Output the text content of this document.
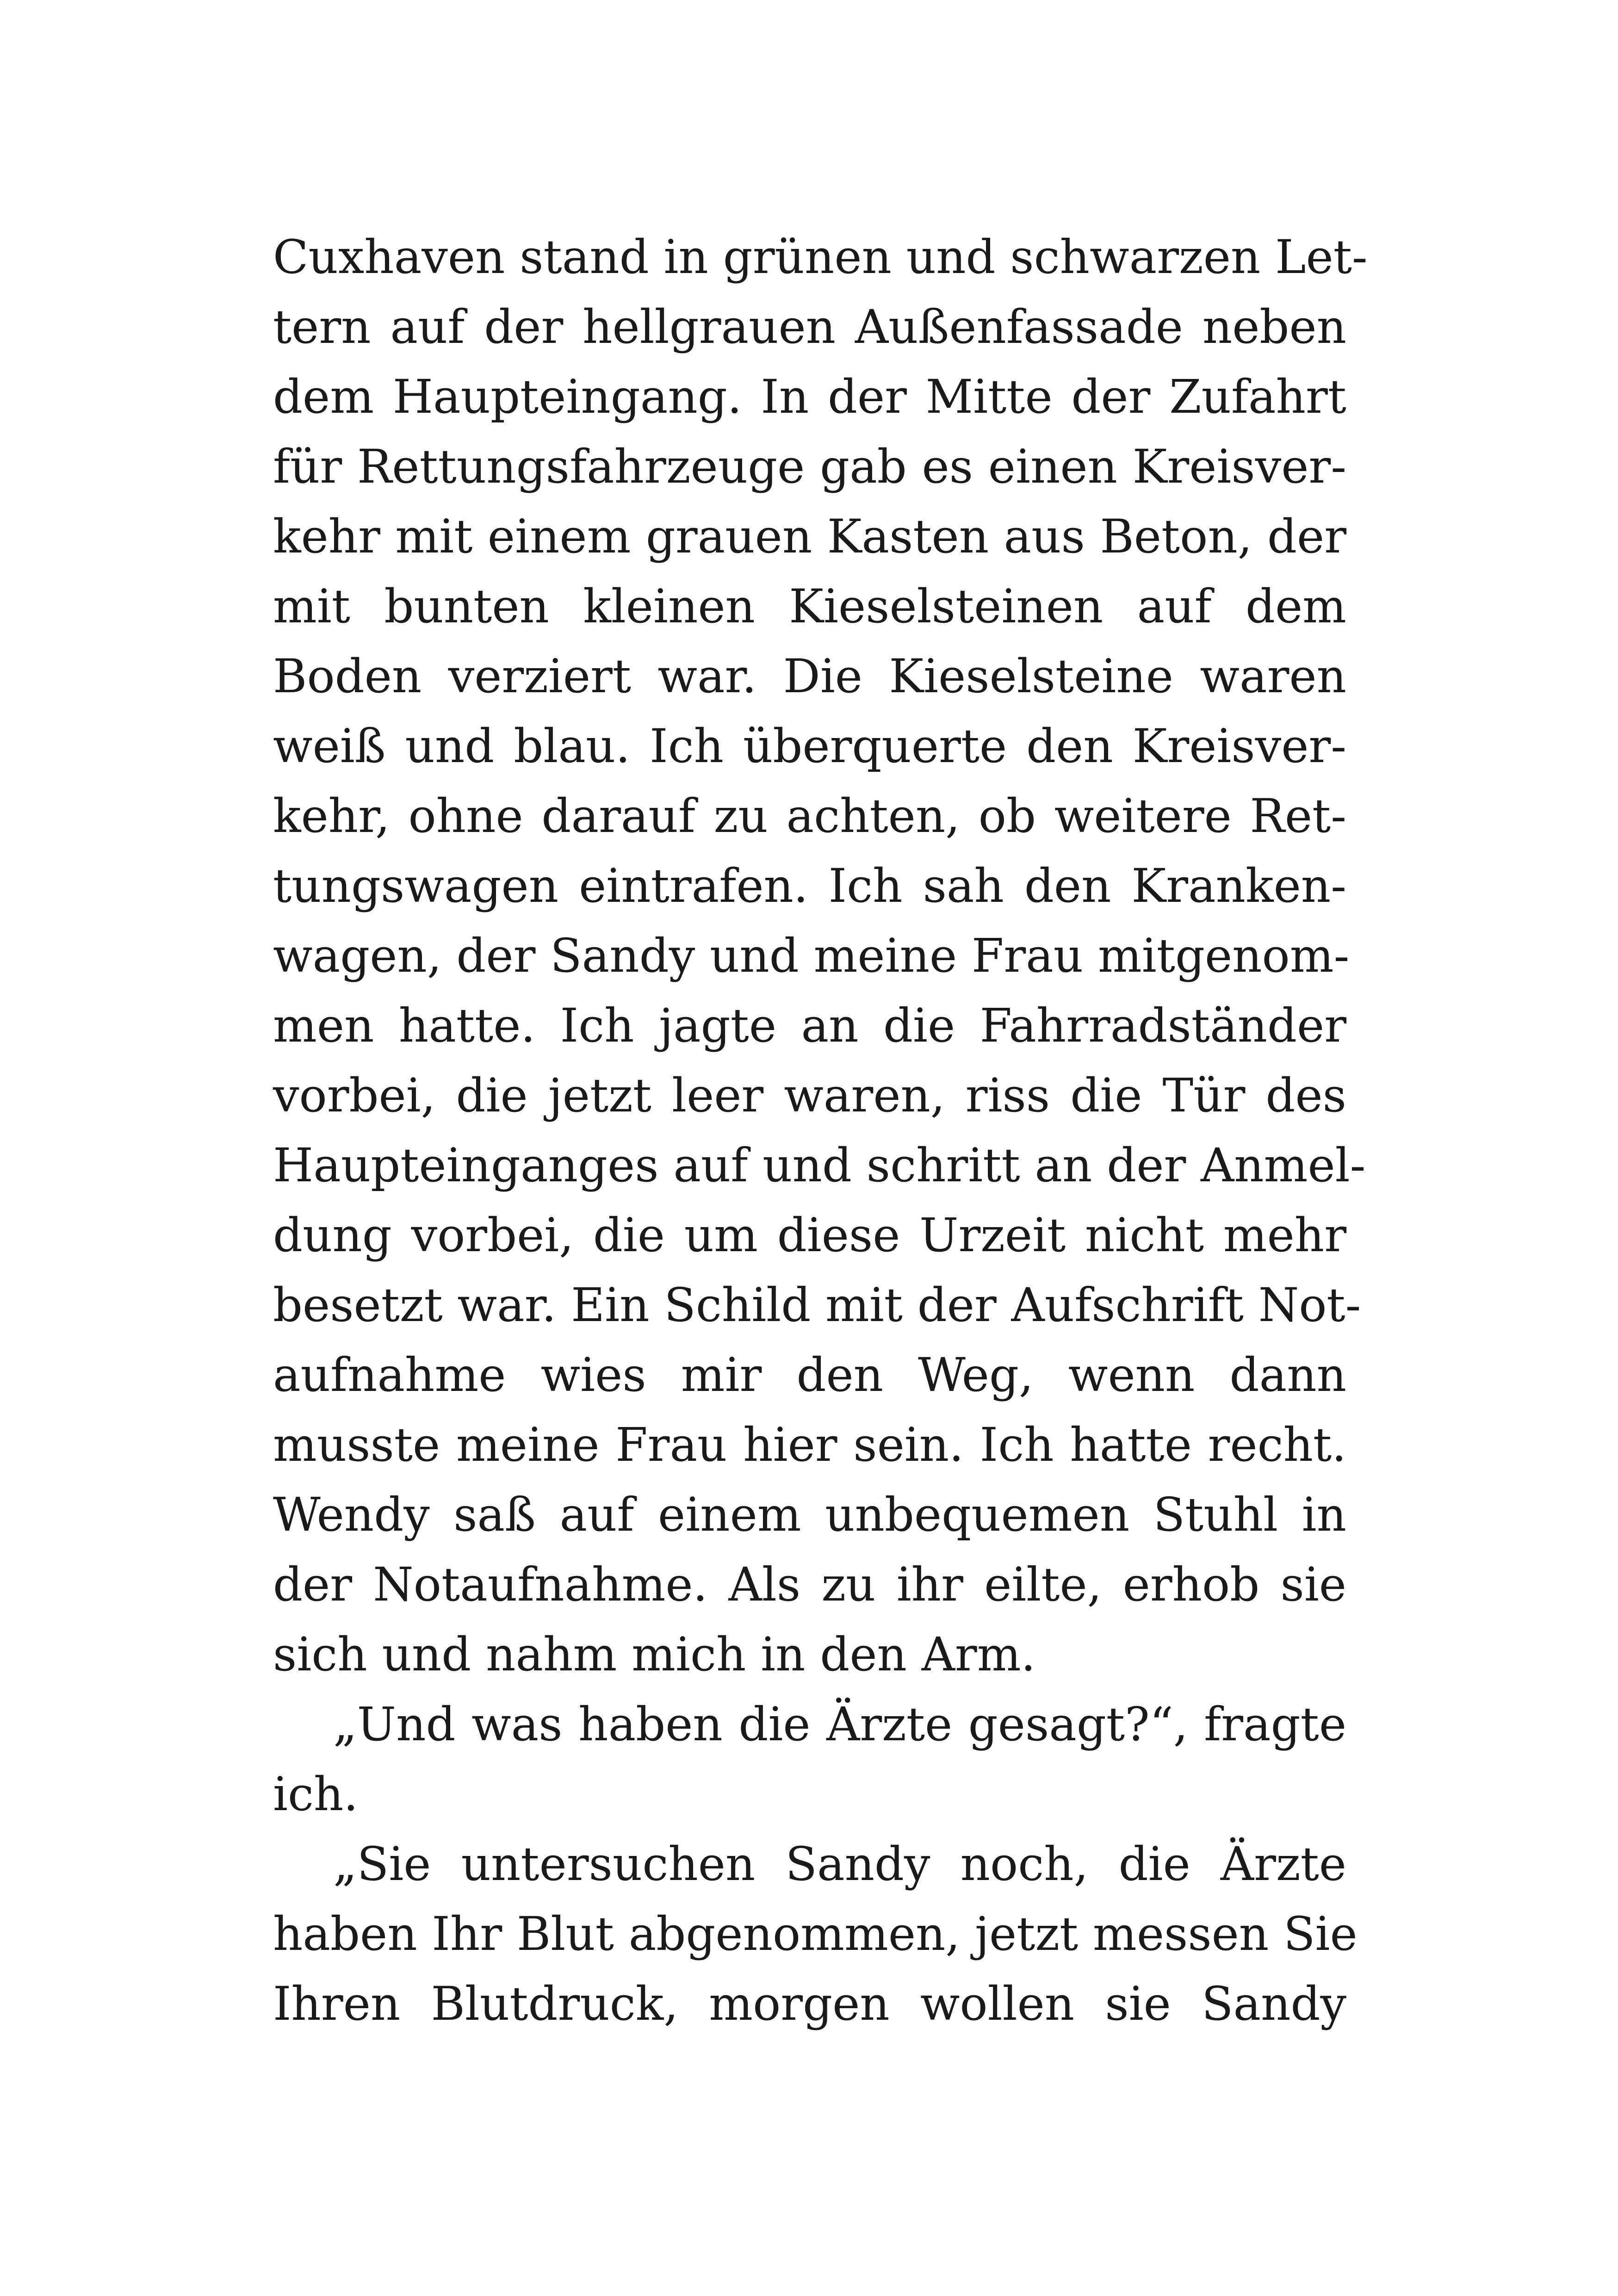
Cuxhaven stand in grünen und schwarzen Let-
tern auf der hellgrauen Außenfassade neben
dem Haupteingang. In der Mitte der Zufahrt
für Rettungsfahrzeuge gab es einen Kreisver-
kehr mit einem grauen Kasten aus Beton, der
mit bunten kleinen Kieselsteinen auf dem
Boden verziert war. Die Kieselsteine waren
weiß und blau. Ich überquerte den Kreisver-
kehr, ohne darauf zu achten, ob weitere Ret-
tungswagen eintrafen. Ich sah den Kranken-
wagen, der Sandy und meine Frau mitgenom-
men hatte. Ich jagte an die Fahrradständer
vorbei, die jetzt leer waren, riss die Tür des
Haupteinganges auf und schritt an der Anmel-
dung vorbei, die um diese Urzeit nicht mehr
besetzt war. Ein Schild mit der Aufschrift Not-
aufnahme wies mir den Weg, wenn dann
musste meine Frau hier sein. Ich hatte recht.
Wendy saß auf einem unbequemen Stuhl in
der Notaufnahme. Als zu ihr eilte, erhob sie
sich und nahm mich in den Arm.
„Und was haben die Ärzte gesagt?“, fragte
ich.
„Sie untersuchen Sandy noch, die Ärzte
haben Ihr Blut abgenommen, jetzt messen Sie
Ihren Blutdruck, morgen wollen sie Sandy
